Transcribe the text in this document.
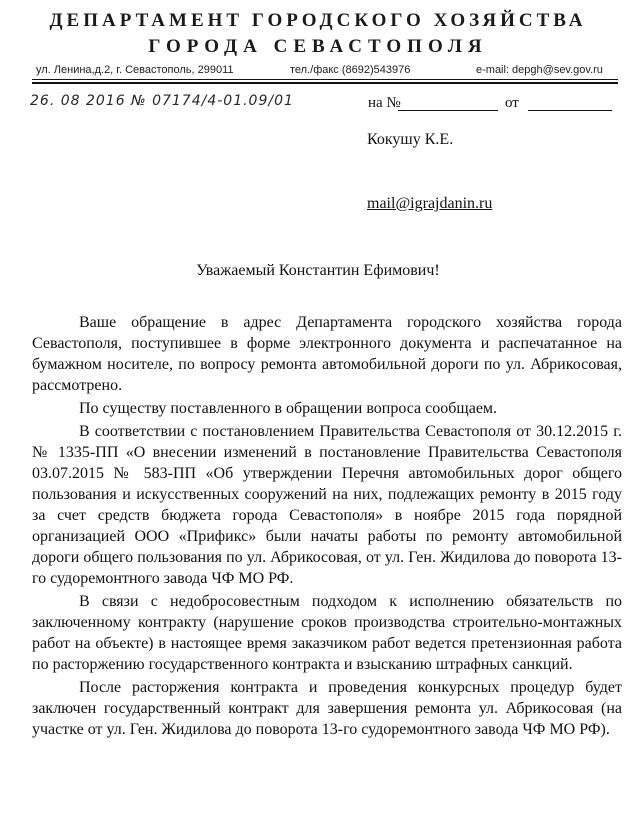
ДЕПАРТАМЕНТ ГОРОДСКОГО ХОЗЯЙСТВА
ГОРОДА СЕВАСТОПОЛЯ
ул. Ленина,д.2, г. Севастополь, 299011	тел./факс (8692)543976	e-mail: depgh@sev.gov.ru
26. 08 2016 № 07174/4-01.09/01	на №	от
Кокушу К.Е.
mail@igrajdanin.ru
Уважаемый Константин Ефимович!

Ваше обращение в адрес Департамента городского хозяйства города Севастополя, поступившее в форме электронного документа и распечатанное на бумажном носителе, по вопросу ремонта автомобильной дороги по ул. Абрикосовая, рассмотрено.

По существу поставленного в обращении вопроса сообщаем.

В соответствии с постановлением Правительства Севастополя от 30.12.2015 г. № 1335-ПП «О внесении изменений в постановление Правительства Севастополя 03.07.2015 № 583-ПП «Об утверждении Перечня автомобильных дорог общего пользования и искусственных сооружений на них, подлежащих ремонту в 2015 году за счет средств бюджета города Севастополя» в ноябре 2015 года порядной организацией ООО «Прификс» были начаты работы по ремонту автомобильной дороги общего пользования по ул. Абрикосовая, от ул. Ген. Жидилова до поворота 13-го судоремонтного завода ЧФ МО РФ.

В связи с недобросовестным подходом к исполнению обязательств по заключенному контракту (нарушение сроков производства строительно-монтажных работ на объекте) в настоящее время заказчиком работ ведется претензионная работа по расторжению государственного контракта и взысканию штрафных санкций.

После расторжения контракта и проведения конкурсных процедур будет заключен государственный контракт для завершения ремонта ул. Абрикосовая (на участке от ул. Ген. Жидилова до поворота 13-го судоремонтного завода ЧФ МО РФ).
